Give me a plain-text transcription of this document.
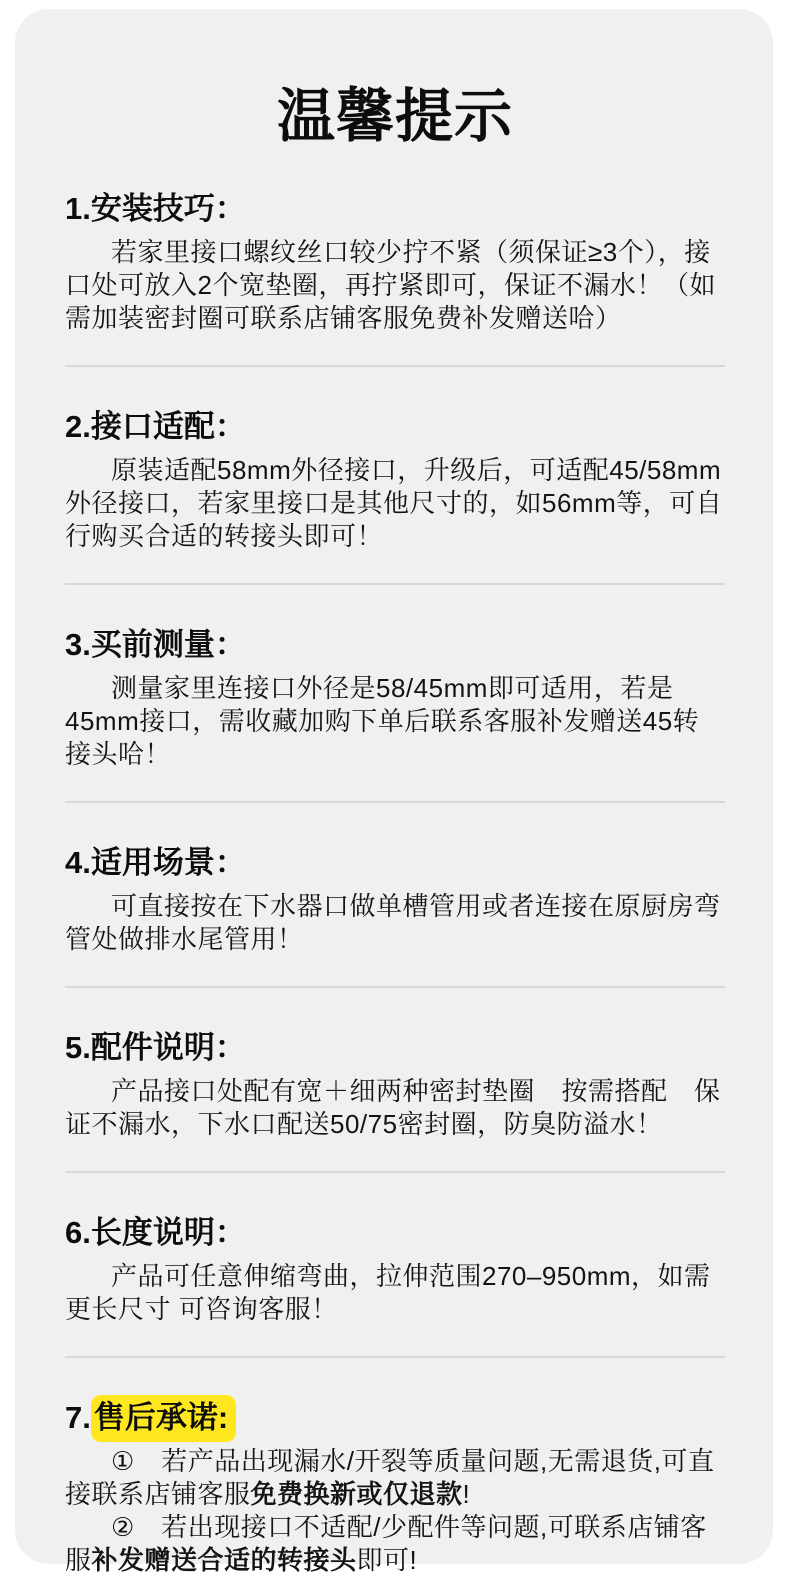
温馨提示
1.安装技巧：

若家里接口螺纹丝口较少拧不紧（须保证≥3个），接口处可放入2个宽垫圈，再拧紧即可，保证不漏水！（如需加装密封圈可联系店铺客服免费补发赠送哈）

2.接口适配：

原装适配58mm外径接口，升级后，可适配45/58mm外径接口，若家里接口是其他尺寸的，如56mm等，可自行购买合适的转接头即可！

3.买前测量：

测量家里连接口外径是58/45mm即可适用，若是45mm接口，需收藏加购下单后联系客服补发赠送45转接头哈！

4.适用场景：

可直接按在下水器口做单槽管用或者连接在原厨房弯管处做排水尾管用！

5.配件说明：

产品接口处配有宽＋细两种密封垫圈　按需搭配　保证不漏水，下水口配送50/75密封圈，防臭防溢水！

6.长度说明：

产品可任意伸缩弯曲，拉伸范围270–950mm，如需更长尺寸 可咨询客服！

7.售后承诺:

①　若产品出现漏水/开裂等质量问题,无需退货,可直接联系店铺客服免费换新或仅退款!

②　若出现接口不适配/少配件等问题,可联系店铺客服补发赠送合适的转接头即可!
